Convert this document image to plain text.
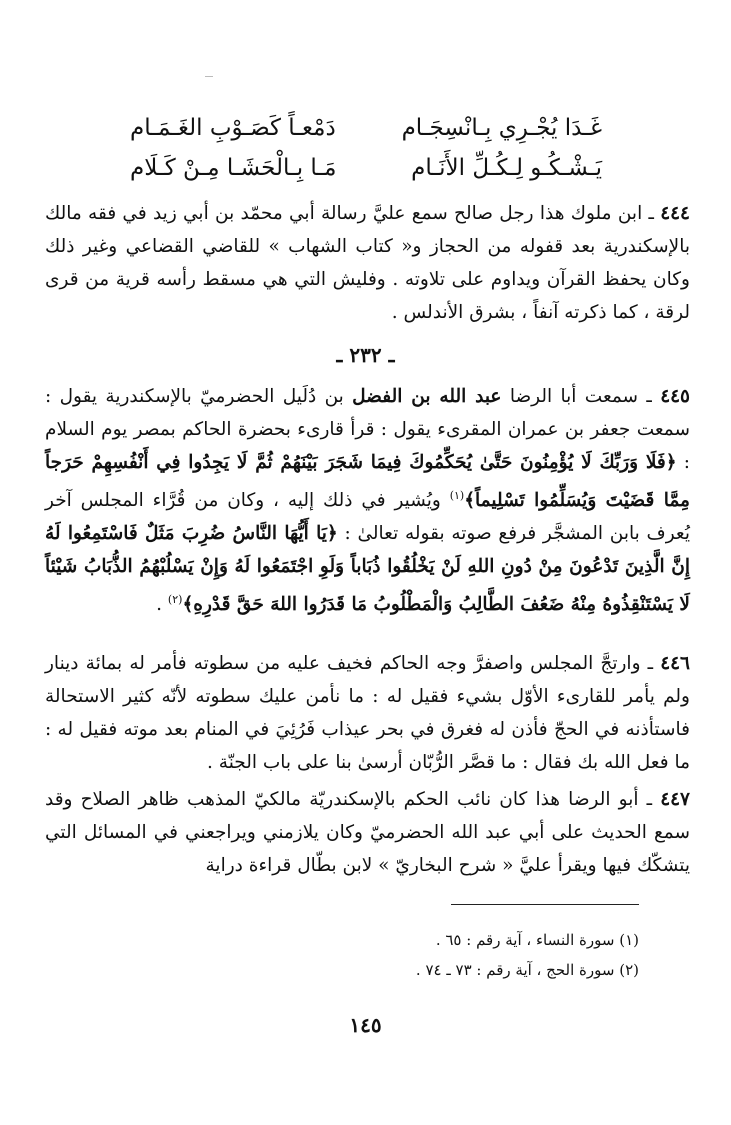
غَـدَا يُجْـرِي بِـانْسِجَـام
دَمْعـاً كَصَـوْبِ الغَـمَـام
يَـشْـكُـو لِـكُـلِّ الأَنَـام
مَـا بِـالْحَشَـا مِـنْ كَـلَام

٤٤٤ ـ ابن ملوك هذا رجل صالح سمع عليَّ رسالة أبي محمّد بن أبي زيد في فقه مالك بالإسكندرية بعد قفوله من الحجاز و« كتاب الشهاب » للقاضي القضاعي وغير ذلك وكان يحفظ القرآن ويداوم على تلاوته . وفليش التي هي مسقط رأسه قرية من قرى لرقة ، كما ذكرته آنفاً ، بشرق الأندلس .

ـ ٢٣٢ ـ

٤٤٥ ـ سمعت أبا الرضا عبد الله بن الفضل بن دُلَيل الحضرميّ بالإسكندرية يقول : سمعت جعفر بن عمران المقرىء يقول : قرأ قارىء بحضرة الحاكم بمصر يوم السلام : ﴿فَلَا وَرَبِّكَ لَا يُؤْمِنُونَ حَتَّىٰ يُحَكِّمُوكَ فِيمَا شَجَرَ بَيْنَهُمْ ثُمَّ لَا يَجِدُوا فِي أَنْفُسِهِمْ حَرَجاً مِمَّا قَضَيْتَ وَيُسَلِّمُوا تَسْلِيماً﴾$^{(١)}$ ويُشير في ذلك إليه ، وكان من قُرَّاء المجلس آخر يُعرف بابن المشجَّر فرفع صوته بقوله تعالىٰ : ﴿يَا أَيُّهَا النَّاسُ ضُرِبَ مَثَلٌ فَاسْتَمِعُوا لَهُ إِنَّ الَّذِينَ تَدْعُونَ مِنْ دُونِ اللهِ لَنْ يَخْلُقُوا ذُبَاباً وَلَوِ اجْتَمَعُوا لَهُ وَإِنْ يَسْلُبْهُمُ الذُّبَابُ شَيْئاً لَا يَسْتَنْقِذُوهُ مِنْهُ ضَعُفَ الطَّالِبُ وَالْمَطْلُوبُ مَا قَدَرُوا اللهَ حَقَّ قَدْرِهِ﴾$^{(٢)}$ .

٤٤٦ ـ وارتجَّ المجلس واصفرَّ وجه الحاكم فخيف عليه من سطوته فأمر له بمائة دينار ولم يأمر للقارىء الأوّل بشيء فقيل له : ما نأمن عليك سطوته لأنّه كثير الاستحالة فاستأذنه في الحجّ فأذن له فغرق في بحر عيذاب فَرُئِيَ في المنام بعد موته فقيل له : ما فعل الله بك فقال : ما قصَّر الرُّبّان أرسىٰ بنا على باب الجنّة .

٤٤٧ ـ أبو الرضا هذا كان نائب الحكم بالإسكندريّة مالكيّ المذهب ظاهر الصلاح وقد سمع الحديث على أبي عبد الله الحضرميّ وكان يلازمني ويراجعني في المسائل التي يتشكّك فيها ويقرأ عليَّ « شرح البخاريّ » لابن بطّال قراءة دراية

(١) سورة النساء ، آية رقم : ٦٥ .
(٢) سورة الحج ، آية رقم : ٧٣ ـ ٧٤ .
١٤٥
